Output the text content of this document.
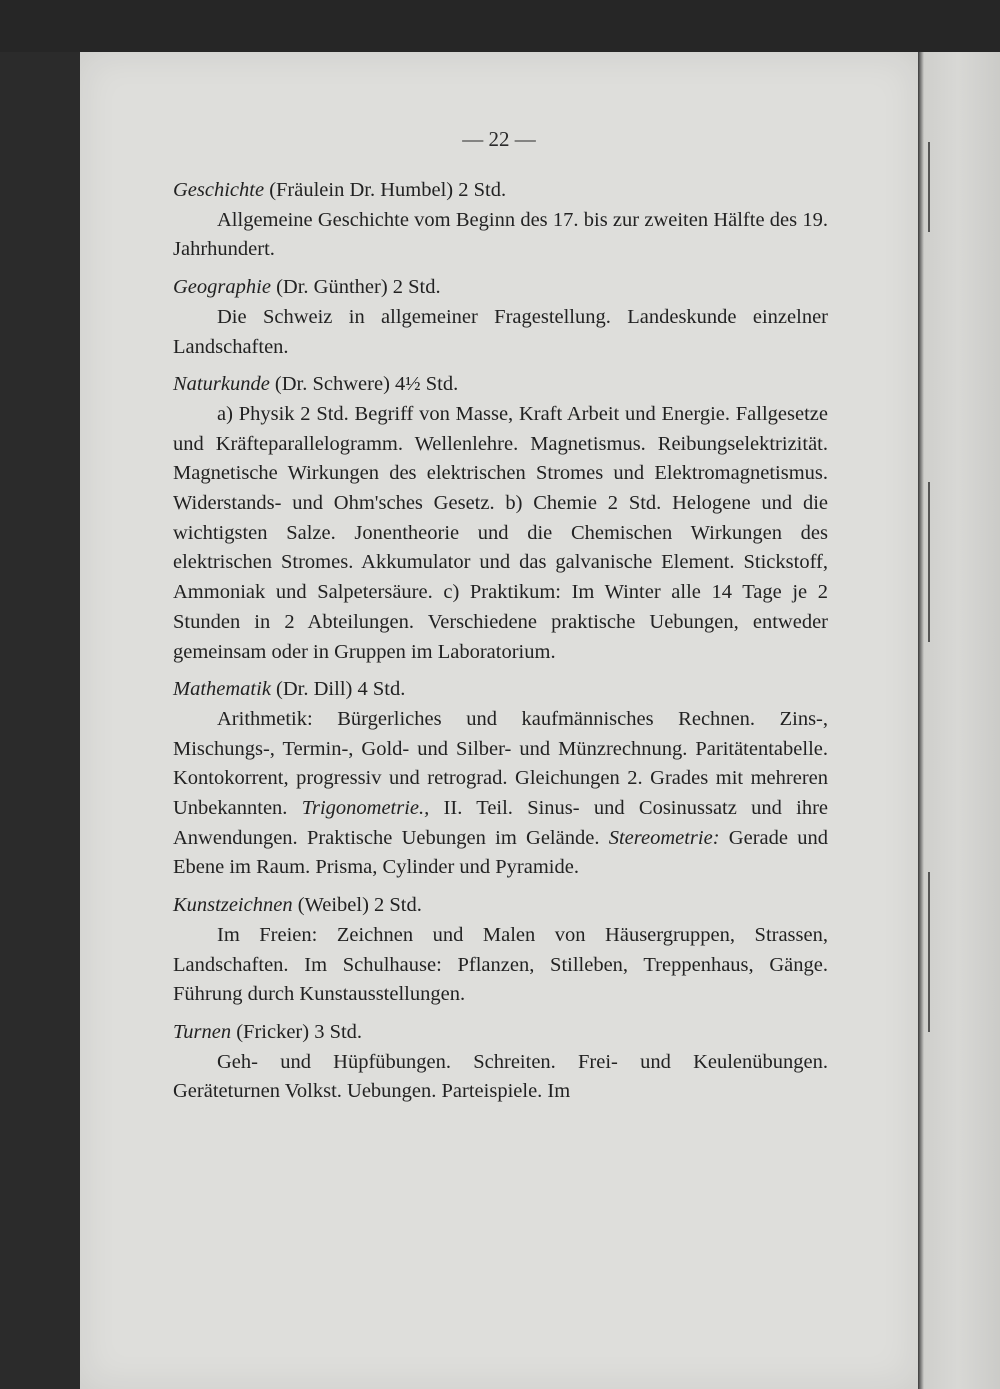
— 22 —

Geschichte (Fräulein Dr. Humbel) 2 Std.

Allgemeine Geschichte vom Beginn des 17. bis zur zweiten Hälfte des 19. Jahrhundert.

Geographie (Dr. Günther) 2 Std.

Die Schweiz in allgemeiner Fragestellung. Landeskunde einzelner Landschaften.

Naturkunde (Dr. Schwere) 4½ Std.

a) Physik 2 Std. Begriff von Masse, Kraft Arbeit und Energie. Fallgesetze und Kräfteparallelogramm. Wellenlehre. Magnetismus. Reibungselektrizität. Magnetische Wirkungen des elektrischen Stromes und Elektromagnetismus. Widerstands- und Ohm'sches Gesetz. b) Chemie 2 Std. Helogene und die wichtigsten Salze. Jonentheorie und die Chemischen Wirkungen des elektrischen Stromes. Akkumulator und das galvanische Element. Stickstoff, Ammoniak und Salpetersäure. c) Praktikum: Im Winter alle 14 Tage je 2 Stunden in 2 Abteilungen. Verschiedene praktische Uebungen, entweder gemeinsam oder in Gruppen im Laboratorium.

Mathematik (Dr. Dill) 4 Std.

Arithmetik: Bürgerliches und kaufmännisches Rechnen. Zins-, Mischungs-, Termin-, Gold- und Silber- und Münzrechnung. Paritätentabelle. Kontokorrent, progressiv und retrograd. Gleichungen 2. Grades mit mehreren Unbekannten. Trigonometrie., II. Teil. Sinus- und Cosinussatz und ihre Anwendungen. Praktische Uebungen im Gelände. Stereometrie: Gerade und Ebene im Raum. Prisma, Cylinder und Pyramide.

Kunstzeichnen (Weibel) 2 Std.

Im Freien: Zeichnen und Malen von Häusergruppen, Strassen, Landschaften. Im Schulhause: Pflanzen, Stilleben, Treppenhaus, Gänge. Führung durch Kunstausstellungen.

Turnen (Fricker) 3 Std.

Geh- und Hüpfübungen. Schreiten. Frei- und Keulenübungen. Geräteturnen Volkst. Uebungen. Parteispiele. Im
